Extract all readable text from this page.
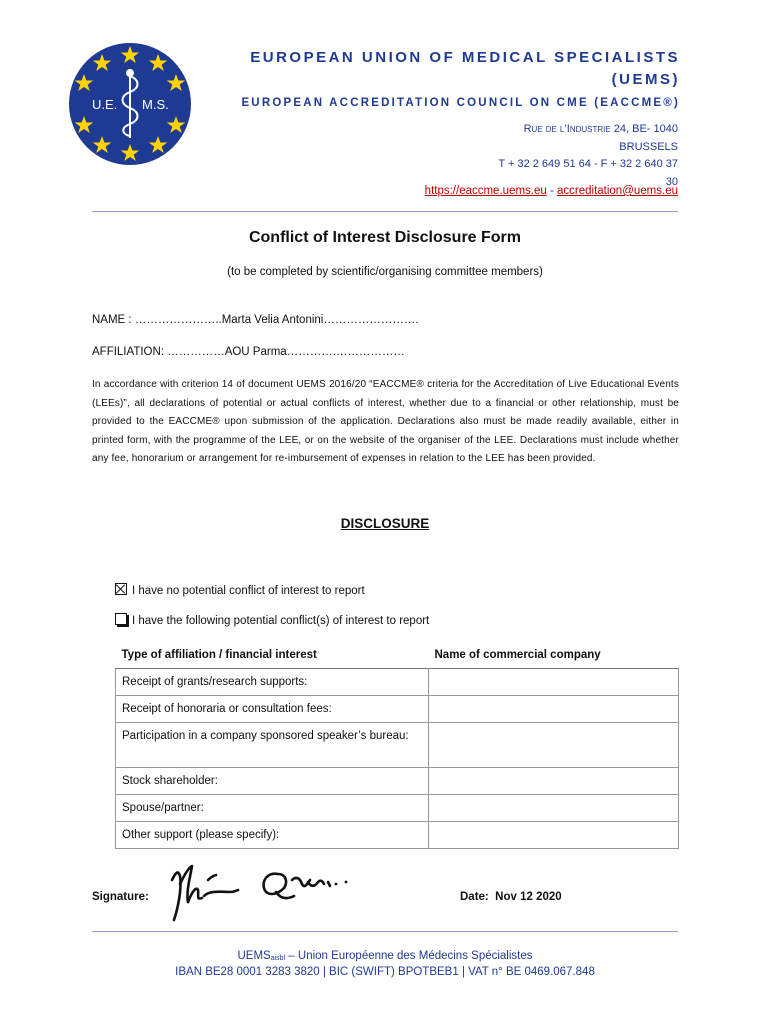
U.E. M.S.
EUROPEAN UNION OF MEDICAL SPECIALISTS
(UEMS)
EUROPEAN ACCREDITATION COUNCIL ON CME (EACCME®)
Rue de l’Industrie 24, BE- 1040
BRUSSELS
T + 32 2 649 51 64 - F + 32 2 640 37
30
https://eaccme.uems.eu - accreditation@uems.eu
Conflict of Interest Disclosure Form
(to be completed by scientific/organising committee members)
NAME : …………………..Marta Velia Antonini…………………….
AFFILIATION: ……………AOU Parma………….………………
In accordance with criterion 14 of document UEMS 2016/20 “EACCME® criteria for the Accreditation of Live Educational Events (LEEs)”, all declarations of potential or actual conflicts of interest, whether due to a financial or other relationship, must be provided to the EACCME® upon submission of the application. Declarations also must be made readily available, either in printed form, with the programme of the LEE, or on the website of the organiser of the LEE. Declarations must include whether any fee, honorarium or arrangement for re-imbursement of expenses in relation to the LEE has been provided.
DISCLOSURE
I have no potential conflict of interest to report
I have the following potential conflict(s) of interest to report
Type of affiliation / financial interest	Name of commercial company
Receipt of grants/research supports:	
Receipt of honoraria or consultation fees:	
Participation in a company sponsored speaker’s bureau:	
Stock shareholder:	
Spouse/partner:	
Other support (please specify):	
Signature:	Date: Nov 12 2020
$UEMS_{aisbl}$ – Union Européenne des Médecins Spécialistes
IBAN BE28 0001 3283 3820 | BIC (SWIFT) BPOTBEB1 | VAT n° BE 0469.067.848
